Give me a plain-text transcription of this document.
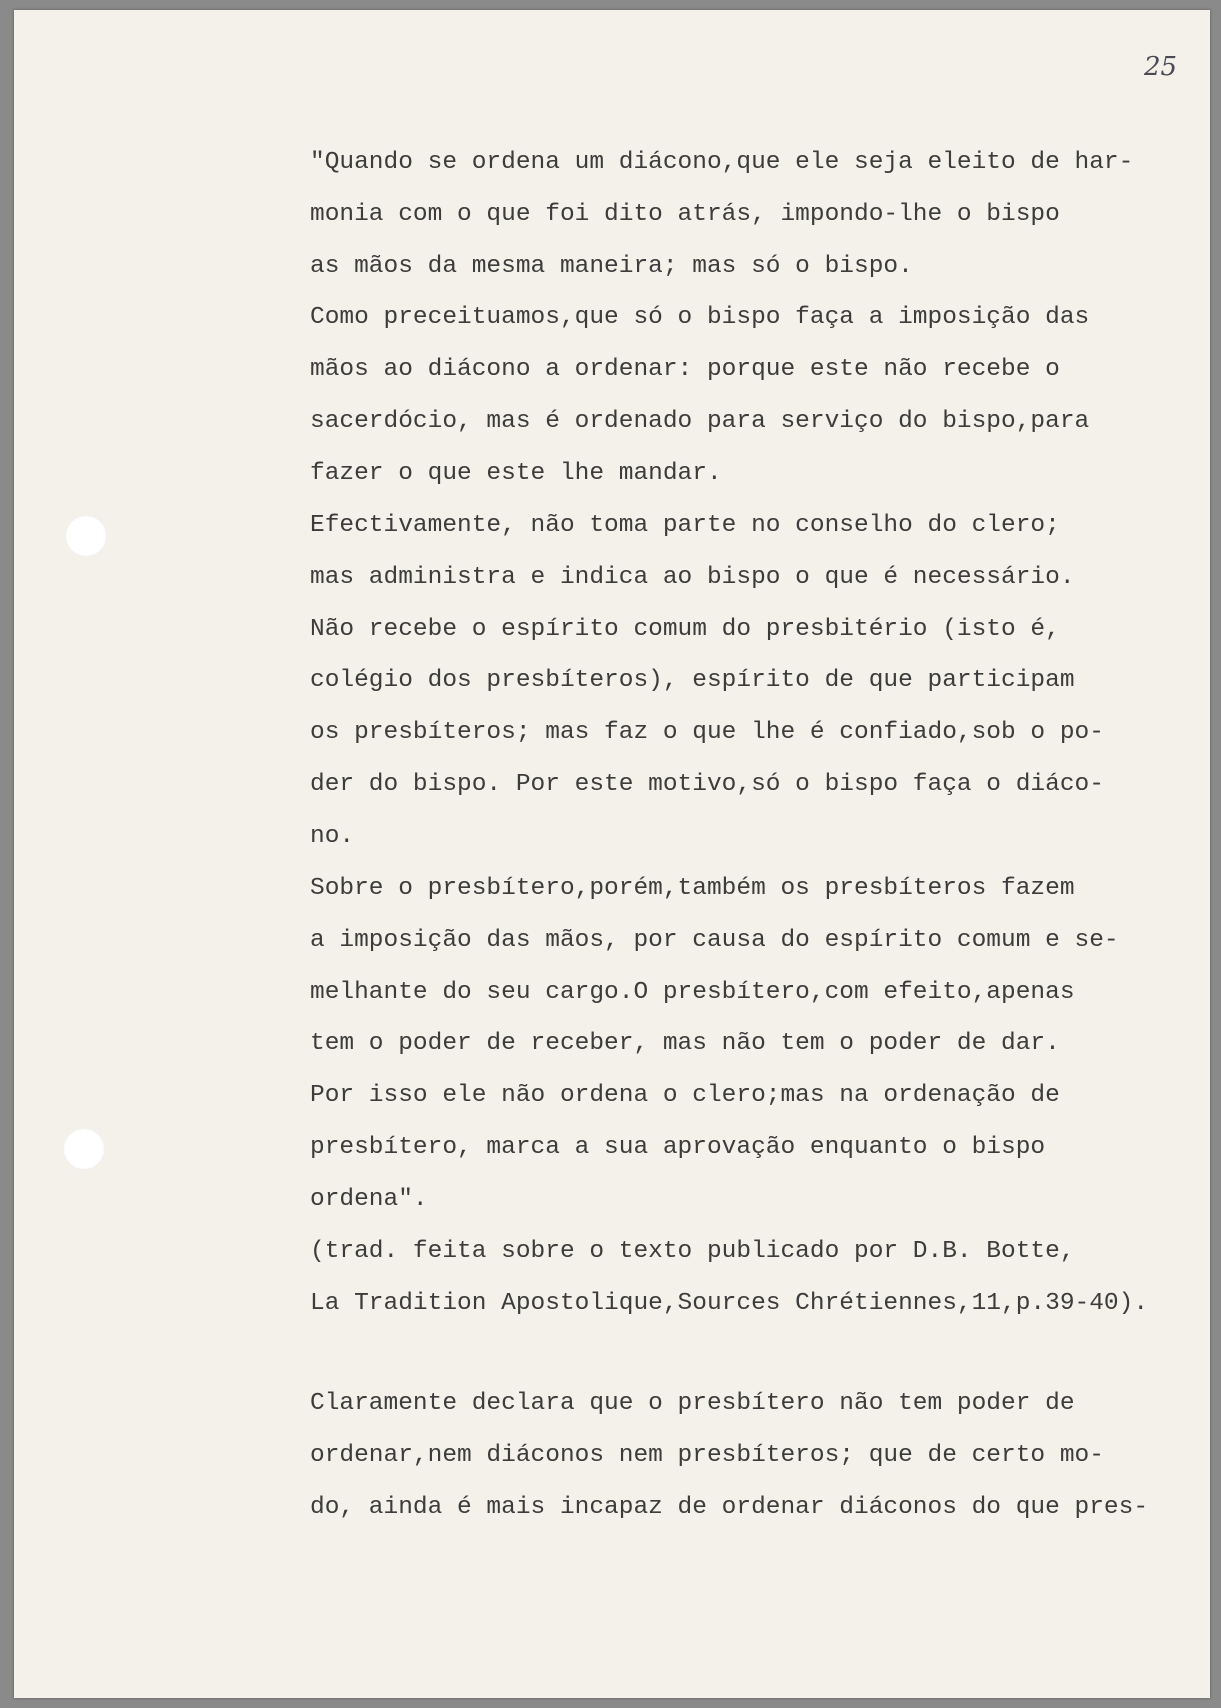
25
"Quando se ordena um diácono,que ele seja eleito de har-
monia com o que foi dito atrás, impondo-lhe o bispo
as mãos da mesma maneira; mas só o bispo.
Como preceituamos,que só o bispo faça a imposição das
mãos ao diácono a ordenar: porque este não recebe o
sacerdócio, mas é ordenado para serviço do bispo,para
fazer o que este lhe mandar.
Efectivamente, não toma parte no conselho do clero;
mas administra e indica ao bispo o que é necessário.
Não recebe o espírito comum do presbitério (isto é,
colégio dos presbíteros), espírito de que participam
os presbíteros; mas faz o que lhe é confiado,sob o po-
der do bispo. Por este motivo,só o bispo faça o diáco-
no.
Sobre o presbítero,porém,também os presbíteros fazem
a imposição das mãos, por causa do espírito comum e se-
melhante do seu cargo.O presbítero,com efeito,apenas
tem o poder de receber, mas não tem o poder de dar.
Por isso ele não ordena o clero;mas na ordenação de
presbítero, marca a sua aprovação enquanto o bispo
ordena".
(trad. feita sobre o texto publicado por D.B. Botte,
La Tradition Apostolique,Sources Chrétiennes,11,p.39-40).
Claramente declara que o presbítero não tem poder de
ordenar,nem diáconos nem presbíteros; que de certo mo-
do, ainda é mais incapaz de ordenar diáconos do que pres-
